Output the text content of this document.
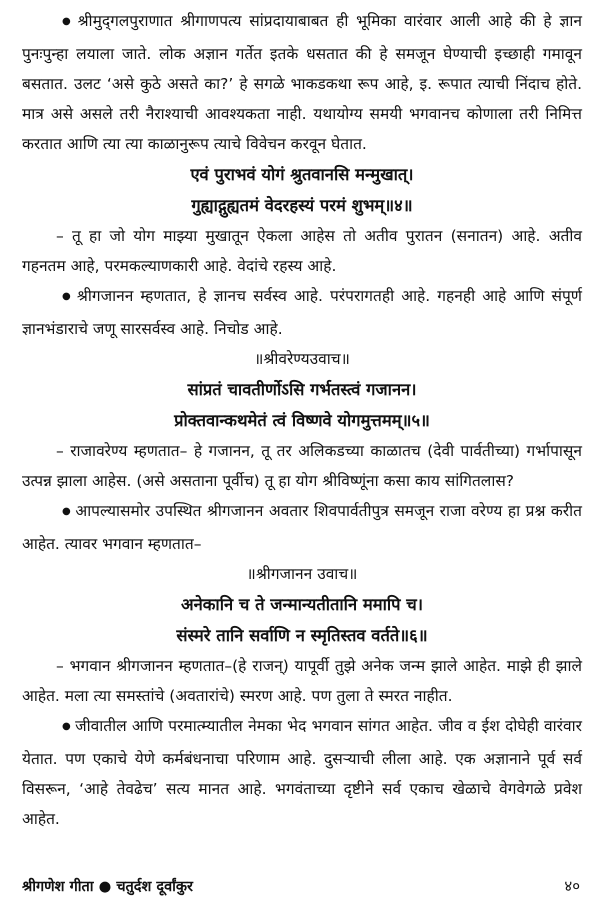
● श्रीमुद्‌गलपुराणात श्रीगाणपत्य सांप्रदायाबाबत ही भूमिका वारंवार आली आहे की हे ज्ञान पुनःपुन्हा लयाला जाते. लोक अज्ञान गर्तेत इतके धसतात की हे समजून घेण्याची इच्छाही गमावून बसतात. उलट ‘असे कुठे असते का?’ हे सगळे भाकडकथा रूप आहे, इ. रूपात त्याची निंदाच होते. मात्र असे असले तरी नैराश्याची आवश्यकता नाही. यथायोग्य समयी भगवानच कोणाला तरी निमित्त करतात आणि त्या त्या काळानुरूप त्याचे विवेचन करवून घेतात.

एवं पुराभवं योगं श्रुतवानसि मन्मुखात्।

गुह्याद्गुह्यतमं वेदरहस्यं परमं शुभम्॥४॥

– तू हा जो योग माझ्या मुखातून ऐकला आहेस तो अतीव पुरातन (सनातन) आहे. अतीव गहनतम आहे, परमकल्याणकारी आहे. वेदांचे रहस्य आहे.

● श्रीगजानन म्हणतात, हे ज्ञानच सर्वस्व आहे. परंपरागतही आहे. गहनही आहे आणि संपूर्ण ज्ञानभंडाराचे जणू सारसर्वस्व आहे. निचोड आहे.

॥श्रीवरेण्यउवाच॥

सांप्रतं चावतीर्णोऽसि गर्भतस्त्वं गजानन।

प्रोक्तवान्कथमेतं त्वं विष्णवे योगमुत्तमम्॥५॥

– राजावरेण्य म्हणतात– हे गजानन, तू तर अलिकडच्या काळातच (देवी पार्वतीच्या) गर्भापासून उत्पन्न झाला आहेस. (असे असताना पूर्वीच) तू हा योग श्रीविष्णूंना कसा काय सांगितलास?

● आपल्यासमोर उपस्थित श्रीगजानन अवतार शिवपार्वतीपुत्र समजून राजा वरेण्य हा प्रश्न करीत आहेत. त्यावर भगवान म्हणतात–

॥श्रीगजानन उवाच॥

अनेकानि च ते जन्मान्यतीतानि ममापि च।

संस्मरे तानि सर्वाणि न स्मृतिस्तव वर्तते॥६॥

– भगवान श्रीगजानन म्हणतात–(हे राजन्) यापूर्वी तुझे अनेक जन्म झाले आहेत. माझे ही झाले आहेत. मला त्या समस्तांचे (अवतारांचे) स्मरण आहे. पण तुला ते स्मरत नाहीत.

● जीवातील आणि परमात्म्यातील नेमका भेद भगवान सांगत आहेत. जीव व ईश दोघेही वारंवार येतात. पण एकाचे येणे कर्मबंधनाचा परिणाम आहे. दुसऱ्याची लीला आहे. एक अज्ञानाने पूर्व सर्व विसरून, ‘आहे तेवढेच’ सत्य मानत आहे. भगवंताच्या दृष्टीने सर्व एकाच खेळाचे वेगवेगळे प्रवेश आहेत.

श्रीगणेश गीता ● चतुर्दश दूर्वांकुर	४०
